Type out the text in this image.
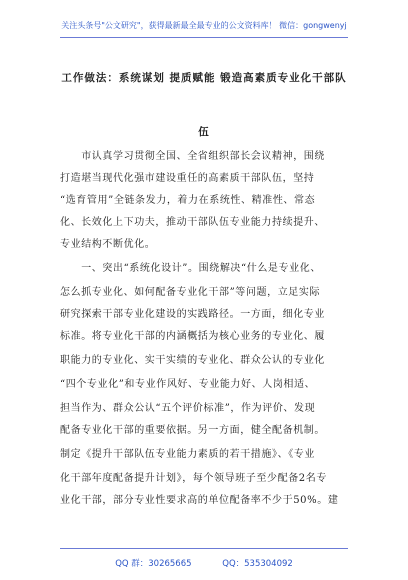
关注头条号"公文研究"，获得最新最全最专业的公文资料库！ 微信：gongwenyj
工作做法：系统谋划 提质赋能 锻造高素质专业化干部队
伍
　　市认真学习贯彻全国、全省组织部长会议精神，围绕
打造堪当现代化强市建设重任的高素质干部队伍，坚持
“选育管用”全链条发力，着力在系统性、精准性、常态
化、长效化上下功夫，推动干部队伍专业能力持续提升、
专业结构不断优化。
　　一、突出“系统化设计”。围绕解决“什么是专业化、
怎么抓专业化、如何配备专业化干部”等问题，立足实际
研究探索干部专业化建设的实践路径。一方面，细化专业
标准。将专业化干部的内涵概括为核心业务的专业化、履
职能力的专业化、实干实绩的专业化、群众公认的专业化
“四个专业化”和专业作风好、专业能力好、人岗相适、
担当作为、群众公认“五个评价标准”，作为评价、发现
配备专业化干部的重要依据。另一方面，健全配备机制。
制定《提升干部队伍专业能力素质的若干措施》、《专业
化干部年度配备提升计划》，每个领导班子至少配备2名专
业化干部，部分专业性要求高的单位配备率不少于50%。建
QQ 群：30265665	QQ：535304092
